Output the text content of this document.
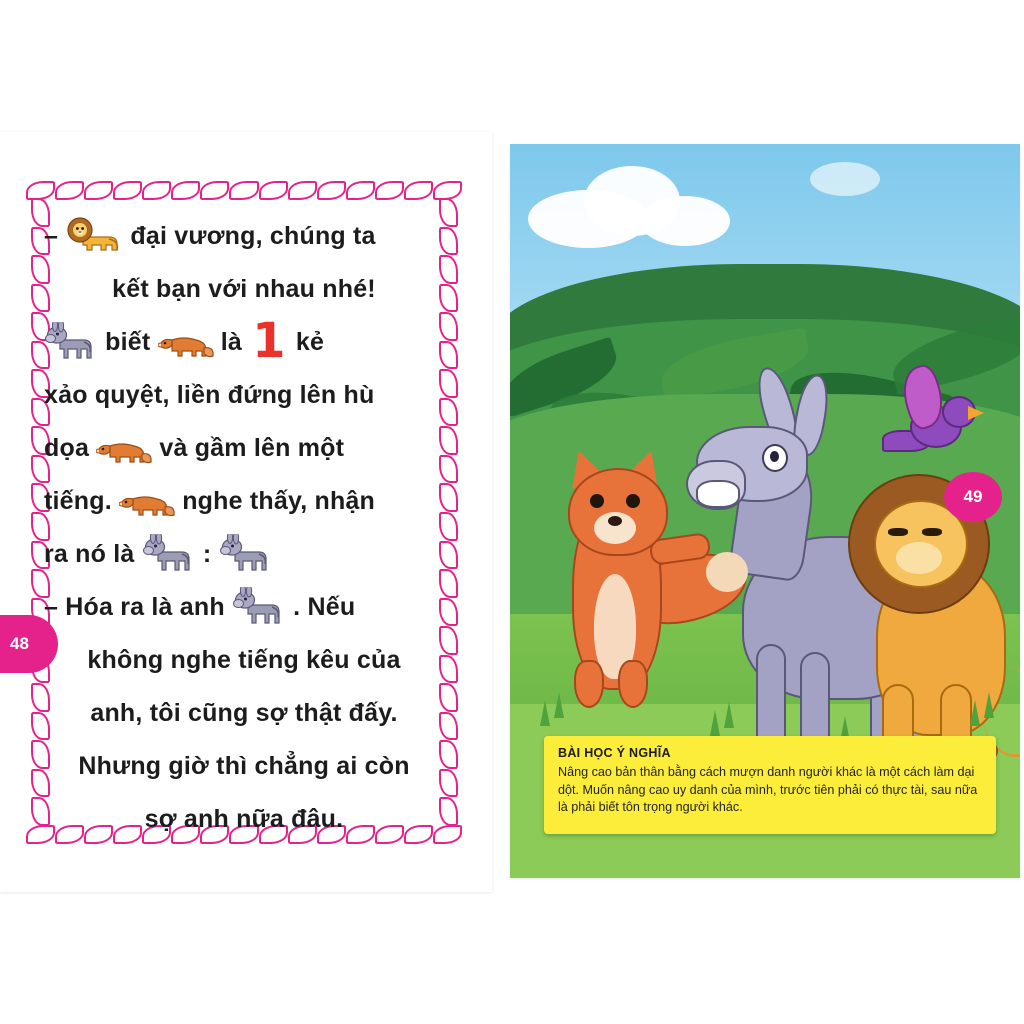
–	đại vương, chúng ta
kết bạn với nhau nhé!
biết	là 1 kẻ
xảo quyệt, liền đứng lên hù
dọa	và gầm lên một
tiếng.	nghe thấy, nhận
ra nó là	:
– Hóa ra là anh	. Nếu
không nghe tiếng kêu của
anh, tôi cũng sợ thật đấy.
Nhưng giờ thì chẳng ai còn
sợ anh nữa đâu.
48
BÀI HỌC Ý NGHĨA
Nâng cao bản thân bằng cách mượn danh người khác là một cách làm dại dột. Muốn nâng cao uy danh của mình, trước tiên phải có thực tài, sau nữa là phải biết tôn trọng người khác.
49
